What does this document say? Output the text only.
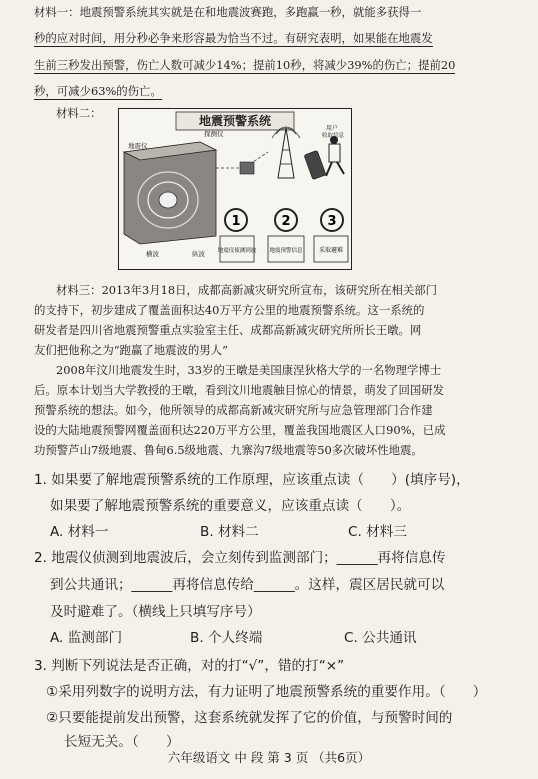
材料一：地震预警系统其实就是在和地震波赛跑，多跑赢一秒，就能多获得一
秒的应对时间，用分秒必争来形容最为恰当不过。有研究表明，如果能在地震发
生前三秒发出预警，伤亡人数可减少14%；提前10秒，将减少39%的伤亡；提前20
秒，可减少63%的伤亡。
材料二：
地震预警系统
地震仪
探测仪
横波	纵波
用户
收取信息
1	2	3
地震仪侦测到波 地震预警信息	采取避难
材料三：2013年3月18日，成都高新减灾研究所宣布，该研究所在相关部门
的支持下，初步建成了覆盖面积达40万平方公里的地震预警系统。这一系统的
研发者是四川省地震预警重点实验室主任、成都高新减灾研究所所长王暾。网
友们把他称之为“跑赢了地震波的男人”
2008年汶川地震发生时，33岁的王暾是美国康涅狄格大学的一名物理学博士
后。原本计划当大学教授的王暾，看到汶川地震触目惊心的情景，萌发了回国研发
预警系统的想法。如今，他所领导的成都高新减灾研究所与应急管理部门合作建
设的大陆地震预警网覆盖面积达220万平方公里，覆盖我国地震区人口90%，已成
功预警芦山7级地震、鲁甸6.5级地震、九寨沟7级地震等50多次破坏性地震。
1. 如果要了解地震预警系统的工作原理，应该重点读（　　）(填序号)，
如果要了解地震预警系统的重要意义，应该重点读（　　）。
A. 材料一	B. 材料二	C. 材料三
2. 地震仪侦测到地震波后，会立刻传到监测部门；______再将信息传
到公共通讯；______再将信息传给______。这样，震区居民就可以
及时避难了。（横线上只填写序号）
A. 监测部门	B. 个人终端	C. 公共通讯
3. 判断下列说法是否正确，对的打“√”，错的打“×”
①采用列数字的说明方法，有力证明了地震预警系统的重要作用。（　　）
②只要能提前发出预警，这套系统就发挥了它的价值，与预警时间的
长短无关。（　　）
六年级语文 中 段 第 3 页 （共6页）
